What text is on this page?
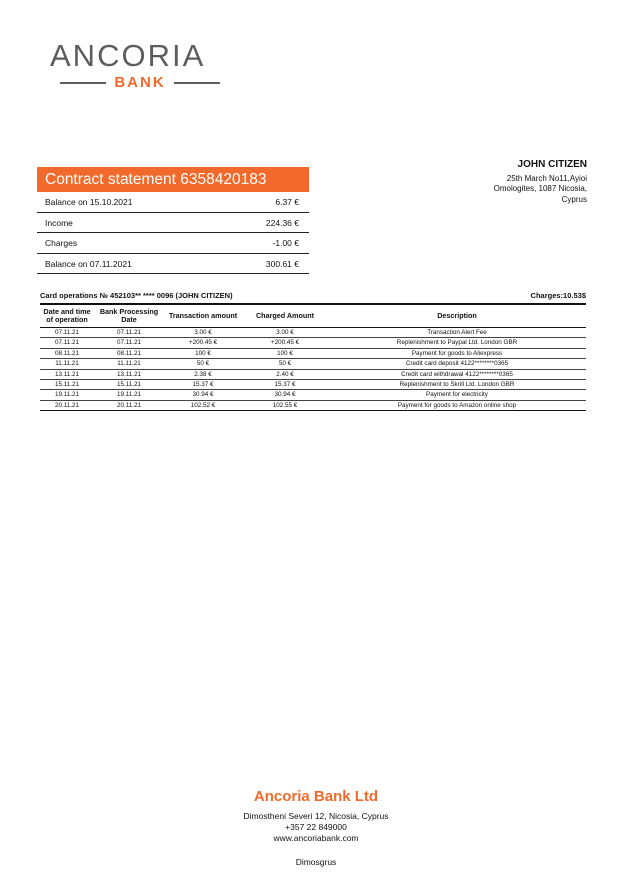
ANCORIA
BANK
JOHN CITIZEN
25th March No11,Ayioi
Omologites, 1087 Nicosia,
Cyprus
Contract statement 6358420183
Balance on 15.10.2021	6.37 €
Income	224.36 €
Charges	-1.00 €
Balance on 07.11.2021	300.61 €
Card operations № 452103** **** 0096 (JOHN CITIZEN)	Charges:10.53$
Date and time of operation	Bank Processing Date	Transaction amount	Charged Amount	Description
07.11.21	07.11.21	3.00 €	3.00 €	Transaction Alert Fee
07.11.21	07.11.21	+200.45 €	+200.45 €	Replenishment to Paypal Ltd. London GBR
08.11.21	08.11.21	100 €	100 €	Payment for goods to Aliexpress
11.11.21	11.11.21	50 €	50 €	Credit card deposit 4122********0365
13.11.21	13.11.21	2.38 €	2.40 €	Credit card withdrawal 4122********0365
15.11.21	15.11.21	15.37 €	15.37 €	Replenishment to Skrill Ltd. London GBR
19.11.21	19.11.21	30.94 €	30.94 €	Payment for electricity
20.11.21	20.11.21	102.52 €	102.55 €	Payment for goods to Amazon online shop
Ancoria Bank Ltd
Dimostheni Severi 12, Nicosia, Cyprus
+357 22 849000
www.ancoriabank.com
Dimosgrus
